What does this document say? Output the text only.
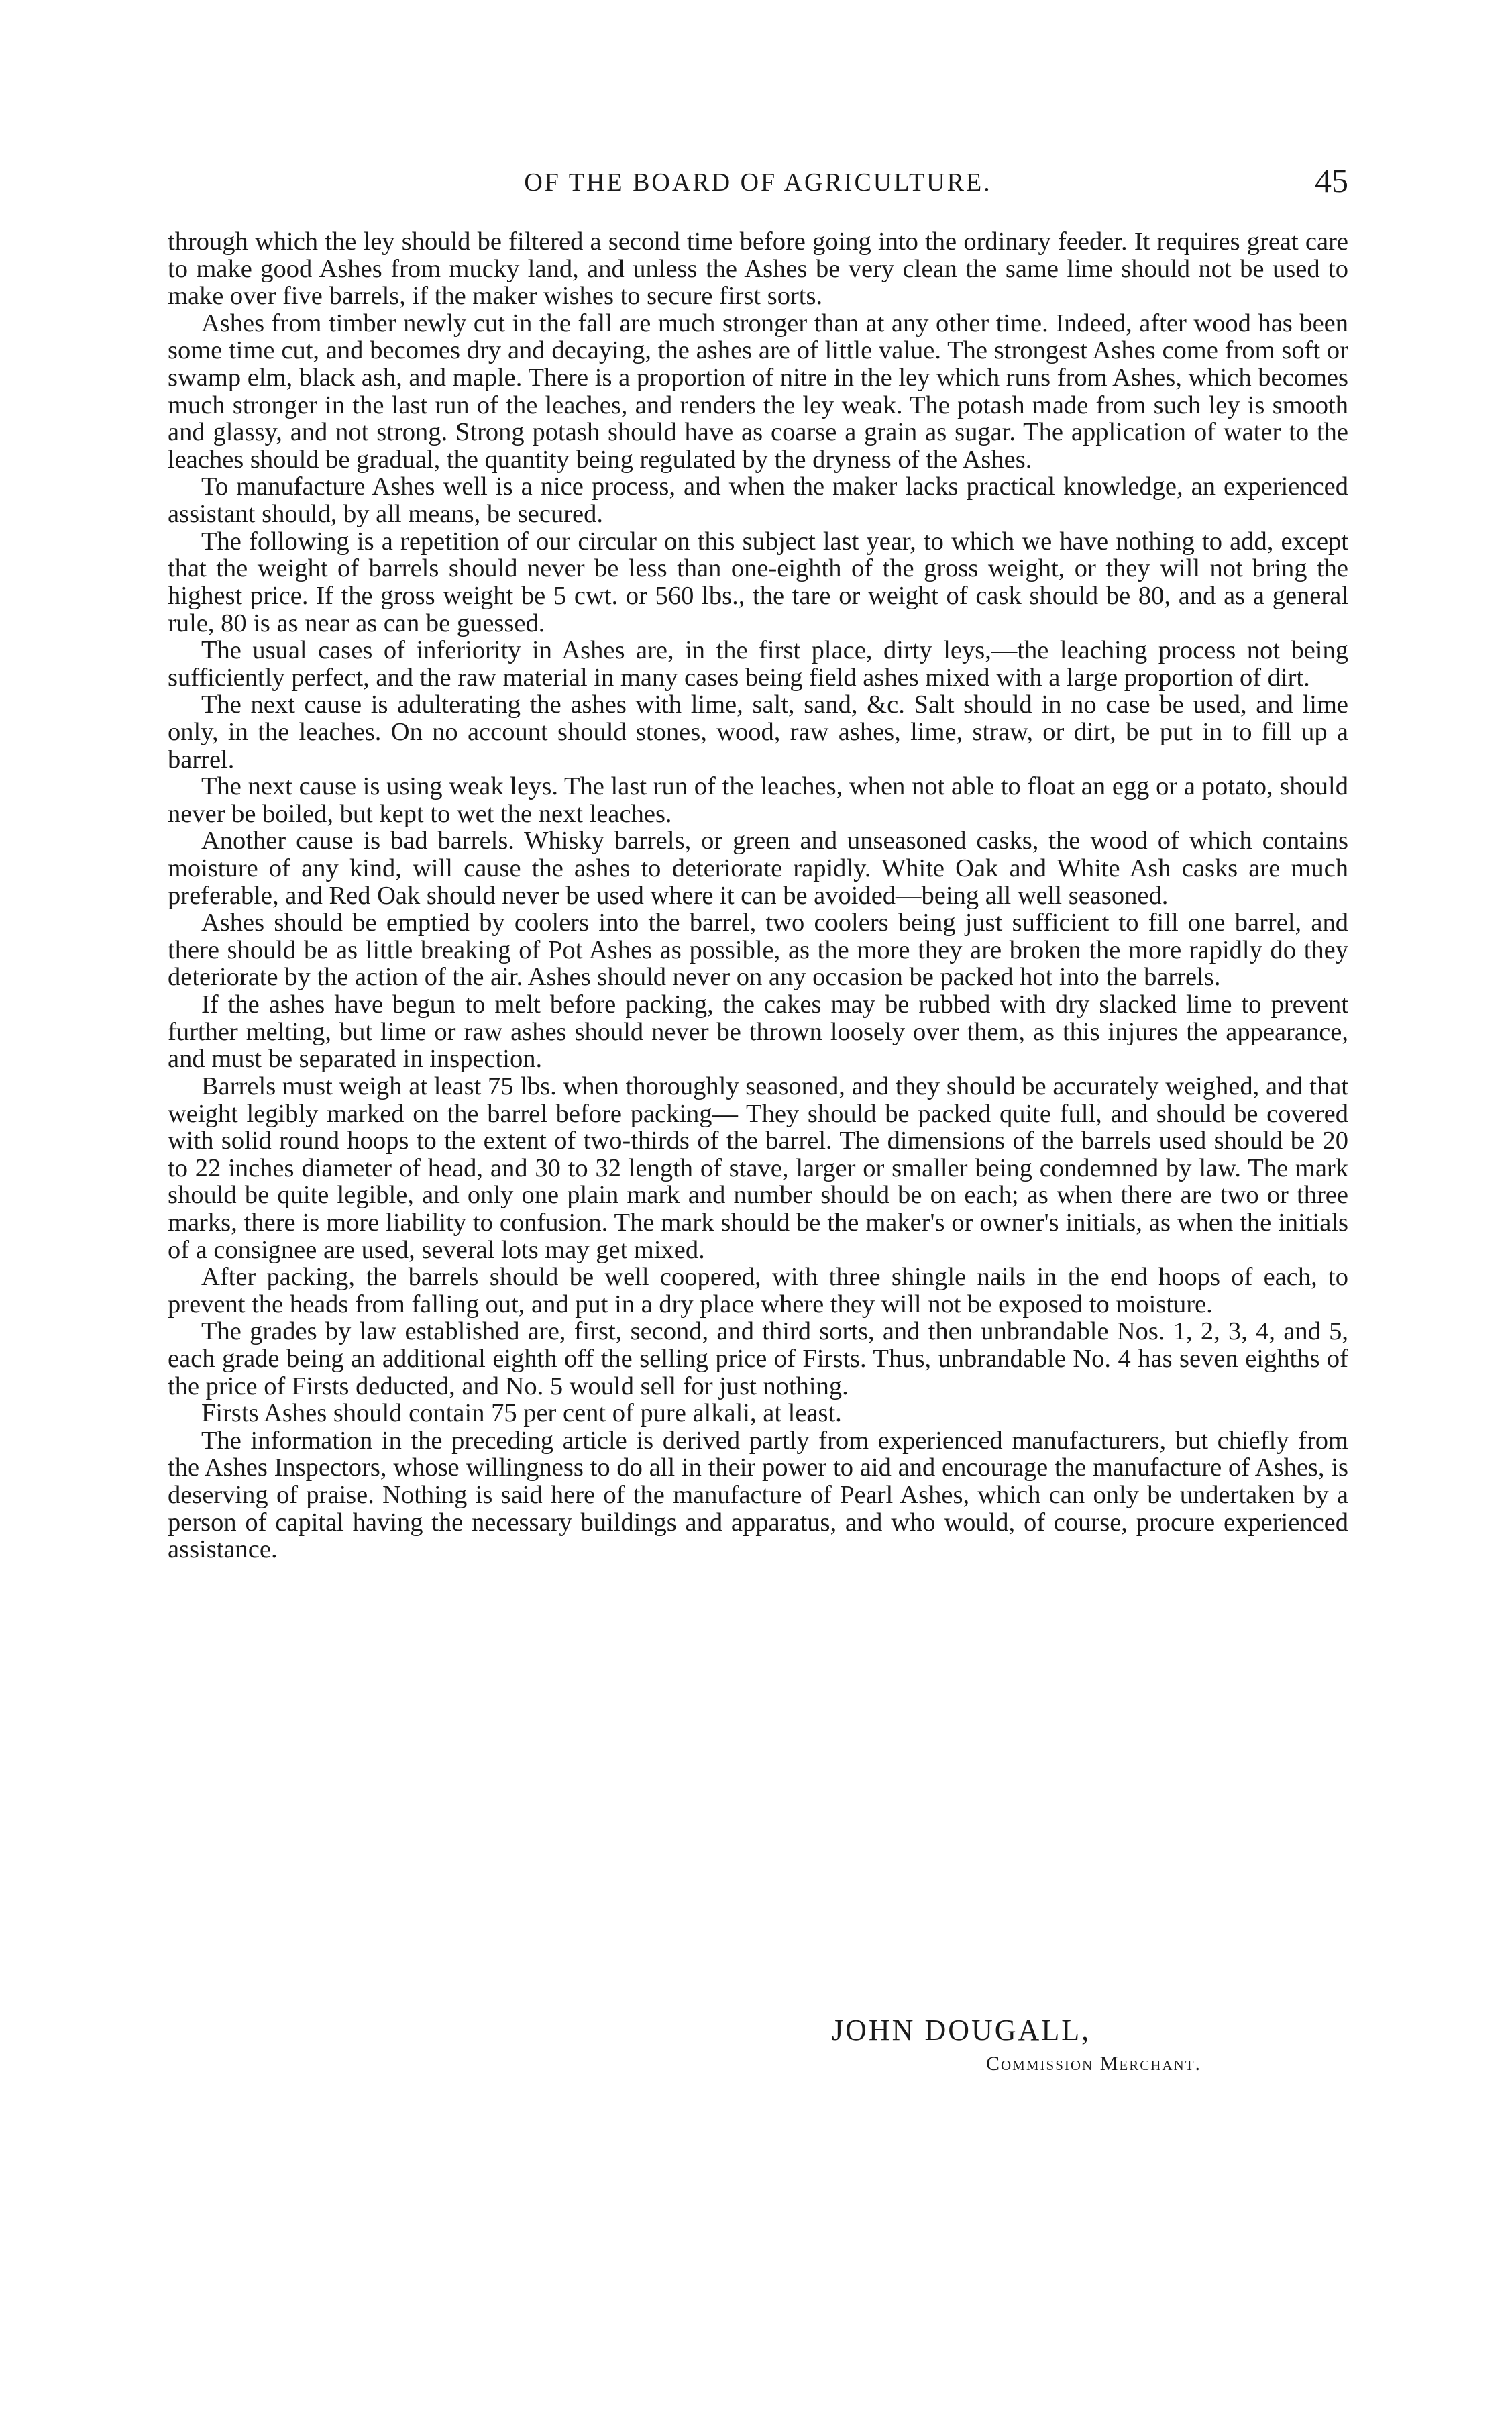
OF THE BOARD OF AGRICULTURE.	45

through which the ley should be filtered a second time before going into the ordinary feeder. It requires great care to make good Ashes from mucky land, and unless the Ashes be very clean the same lime should not be used to make over five barrels, if the maker wishes to secure first sorts.

Ashes from timber newly cut in the fall are much stronger than at any other time. Indeed, after wood has been some time cut, and becomes dry and decaying, the ashes are of little value. The strongest Ashes come from soft or swamp elm, black ash, and maple. There is a proportion of nitre in the ley which runs from Ashes, which becomes much stronger in the last run of the leaches, and renders the ley weak. The potash made from such ley is smooth and glassy, and not strong. Strong potash should have as coarse a grain as sugar. The application of water to the leaches should be gradual, the quantity being regulated by the dryness of the Ashes.

To manufacture Ashes well is a nice process, and when the maker lacks practical knowledge, an experienced assistant should, by all means, be secured.

The following is a repetition of our circular on this subject last year, to which we have nothing to add, except that the weight of barrels should never be less than one-eighth of the gross weight, or they will not bring the highest price. If the gross weight be 5 cwt. or 560 lbs., the tare or weight of cask should be 80, and as a general rule, 80 is as near as can be guessed.

The usual cases of inferiority in Ashes are, in the first place, dirty leys,—the leaching process not being sufficiently perfect, and the raw material in many cases being field ashes mixed with a large proportion of dirt.

The next cause is adulterating the ashes with lime, salt, sand, &c. Salt should in no case be used, and lime only, in the leaches. On no account should stones, wood, raw ashes, lime, straw, or dirt, be put in to fill up a barrel.

The next cause is using weak leys. The last run of the leaches, when not able to float an egg or a potato, should never be boiled, but kept to wet the next leaches.

Another cause is bad barrels. Whisky barrels, or green and unseasoned casks, the wood of which contains moisture of any kind, will cause the ashes to deteriorate rapidly. White Oak and White Ash casks are much preferable, and Red Oak should never be used where it can be avoided—being all well seasoned.

Ashes should be emptied by coolers into the barrel, two coolers being just sufficient to fill one barrel, and there should be as little breaking of Pot Ashes as possible, as the more they are broken the more rapidly do they deteriorate by the action of the air. Ashes should never on any occasion be packed hot into the barrels.

If the ashes have begun to melt before packing, the cakes may be rubbed with dry slacked lime to prevent further melting, but lime or raw ashes should never be thrown loosely over them, as this injures the appearance, and must be separated in inspection.

Barrels must weigh at least 75 lbs. when thoroughly seasoned, and they should be accurately weighed, and that weight legibly marked on the barrel before packing— They should be packed quite full, and should be covered with solid round hoops to the extent of two-thirds of the barrel. The dimensions of the barrels used should be 20 to 22 inches diameter of head, and 30 to 32 length of stave, larger or smaller being condemned by law. The mark should be quite legible, and only one plain mark and number should be on each; as when there are two or three marks, there is more liability to confusion. The mark should be the maker's or owner's initials, as when the initials of a consignee are used, several lots may get mixed.

After packing, the barrels should be well coopered, with three shingle nails in the end hoops of each, to prevent the heads from falling out, and put in a dry place where they will not be exposed to moisture.

The grades by law established are, first, second, and third sorts, and then unbrandable Nos. 1, 2, 3, 4, and 5, each grade being an additional eighth off the selling price of Firsts. Thus, unbrandable No. 4 has seven eighths of the price of Firsts deducted, and No. 5 would sell for just nothing.

Firsts Ashes should contain 75 per cent of pure alkali, at least.

The information in the preceding article is derived partly from experienced manufacturers, but chiefly from the Ashes Inspectors, whose willingness to do all in their power to aid and encourage the manufacture of Ashes, is deserving of praise. Nothing is said here of the manufacture of Pearl Ashes, which can only be undertaken by a person of capital having the necessary buildings and apparatus, and who would, of course, procure experienced assistance.

JOHN DOUGALL,
Commission Merchant.
